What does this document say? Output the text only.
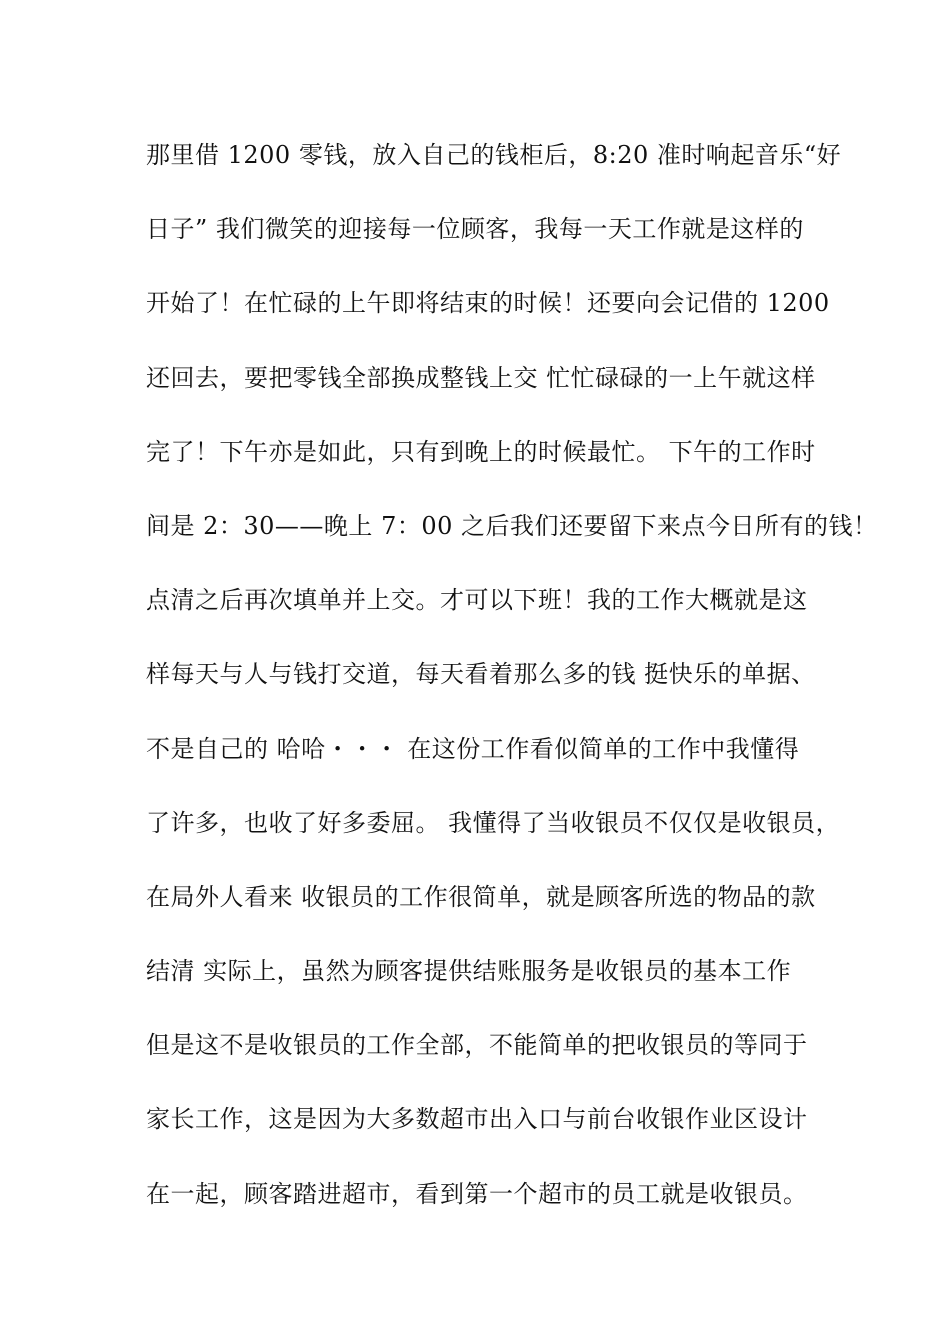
那里借 1200 零钱，放入自己的钱柜后，8:20 准时响起音乐“好
日子” 我们微笑的迎接每一位顾客，我每一天工作就是这样的
开始了！在忙碌的上午即将结束的时候！还要向会记借的 1200
还回去，要把零钱全部换成整钱上交 忙忙碌碌的一上午就这样
完了！下午亦是如此，只有到晚上的时候最忙。 下午的工作时
间是 2：30——晚上 7：00 之后我们还要留下来点今日所有的钱！
点清之后再次填单并上交。才可以下班！我的工作大概就是这
样每天与人与钱打交道，每天看着那么多的钱 挺快乐的单据、
不是自己的 哈哈・・・ 在这份工作看似简单的工作中我懂得
了许多，也收了好多委屈。 我懂得了当收银员不仅仅是收银员，
在局外人看来 收银员的工作很简单，就是顾客所选的物品的款
结清 实际上，虽然为顾客提供结账服务是收银员的基本工作
但是这不是收银员的工作全部，不能简单的把收银员的等同于
家长工作，这是因为大多数超市出入口与前台收银作业区设计
在一起，顾客踏进超市，看到第一个超市的员工就是收银员。
